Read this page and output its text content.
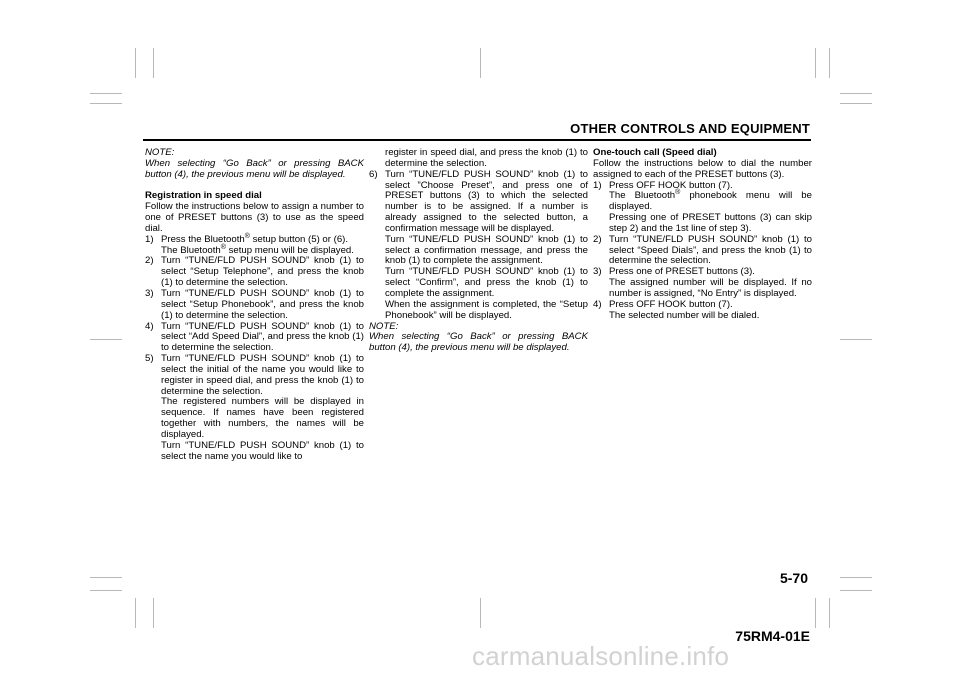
OTHER CONTROLS AND EQUIPMENT
NOTE:
When selecting “Go Back” or pressing BACK button (4), the previous menu will be displayed.
Registration in speed dial
Follow the instructions below to assign a number to one of PRESET buttons (3) to use as the speed dial.
1) Press the Bluetooth® setup button (5) or (6).
The Bluetooth® setup menu will be displayed.
2) Turn “TUNE/FLD PUSH SOUND” knob (1) to select “Setup Telephone”, and press the knob (1) to determine the selection.
3) Turn “TUNE/FLD PUSH SOUND” knob (1) to select “Setup Phonebook”, and press the knob (1) to determine the selection.
4) Turn “TUNE/FLD PUSH SOUND” knob (1) to select “Add Speed Dial”, and press the knob (1) to determine the selection.
5) Turn “TUNE/FLD PUSH SOUND” knob (1) to select the initial of the name you would like to register in speed dial, and press the knob (1) to determine the selection.
The registered numbers will be displayed in sequence. If names have been registered together with numbers, the names will be displayed.
Turn “TUNE/FLD PUSH SOUND” knob (1) to select the name you would like to
register in speed dial, and press the knob (1) to determine the selection.
6) Turn “TUNE/FLD PUSH SOUND” knob (1) to select ”Choose Preset”, and press one of PRESET buttons (3) to which the selected number is to be assigned. If a number is already assigned to the selected button, a confirmation message will be displayed.
Turn “TUNE/FLD PUSH SOUND” knob (1) to select a confirmation message, and press the knob (1) to complete the assignment.
Turn “TUNE/FLD PUSH SOUND” knob (1) to select “Confirm”, and press the knob (1) to complete the assignment.
When the assignment is completed, the “Setup Phonebook” will be displayed.
NOTE:
When selecting “Go Back” or pressing BACK button (4), the previous menu will be displayed.
One-touch call (Speed dial)
Follow the instructions below to dial the number assigned to each of the PRESET buttons (3).
1) Press OFF HOOK button (7).
The Bluetooth® phonebook menu will be displayed.
Pressing one of PRESET buttons (3) can skip step 2) and the 1st line of step 3).
2) Turn “TUNE/FLD PUSH SOUND” knob (1) to select “Speed Dials”, and press the knob (1) to determine the selection.
3) Press one of PRESET buttons (3).
The assigned number will be displayed. If no number is assigned, “No Entry” is displayed.
4) Press OFF HOOK button (7).
The selected number will be dialed.
5-70
75RM4-01E
carmanualsonline.info
